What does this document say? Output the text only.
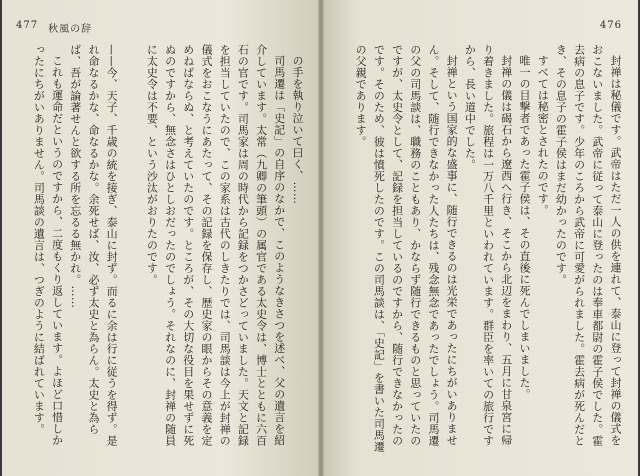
477 秋風の辞

の手を執り泣いて曰く、……

司馬遷は「史記」の自序のなかで、このようなきさつを述べ、父の遺言を紹介しています。太常（九卿の筆頭）の属官である太史令は、博士とともに六百石の官です。司馬家は周の時代から記録をつかさどっていました。天文と記録を担当していたので、この家系は古代のしきたりでは、司馬談は今上が封禅の儀式をおこなうにあたって、その記録を保存し、歴史家の眼からその意義を定めねばならぬ、と考えていたのです。ところが、その大切な役目を果せずに死ぬのですから、無念さはひとしおだったのでしょう。それなのに、封禅の随員に太史令は不要、という沙汰がおりたのです。

——今、天子、千歳の統を接ぎ、泰山に封ず。而るに余は行に従うを得ず。是れ命なるかな、命なるかな。余死せば、汝、必ず太史と為らん。太史と為らば、吾が論著せんと欲する所を忘るる無かれ。……

これも運命だというのですから、二度もくり返しています。よほど口惜しかったにちがいありません。司馬談の遺言は、つぎのように結ばれています。

476

封禅は秘儀です。武帝はただ一人の供を連れて、泰山に登って封禅の儀式をおこないました。武帝に従って泰山に登ったのは奉車都尉の霍子侯でした。霍去病の息子です。少年のころから武帝に可愛がられました。霍去病が死んだとき、その息子の霍子侯はまだ幼かったのです。

すべては秘密とされたのです。

唯一の目撃者であった霍子侯は、その直後に死んでしまいました。

封禅の儀は碣石から遼西へ行き、そこから北辺をまわり、五月に甘泉宮に帰り着きました。旅程は一万八千里といわれています。群臣を率いての旅行ですから、長い道中でした。

封禅という国家的な盛事に、随行できるのは光栄であったにちがいありません。そして、随行できなかった人たちは、残念無念であったでしょう。司馬遷の父の司馬談は、職務のこともあり、かならず随行できるものと思っていたのですが、太史令として、記録を担当しているのですから、随行できなかったのです。そのため、彼は憤死したのです。この司馬談は、「史記」を書いた司馬遷の父親であります。
